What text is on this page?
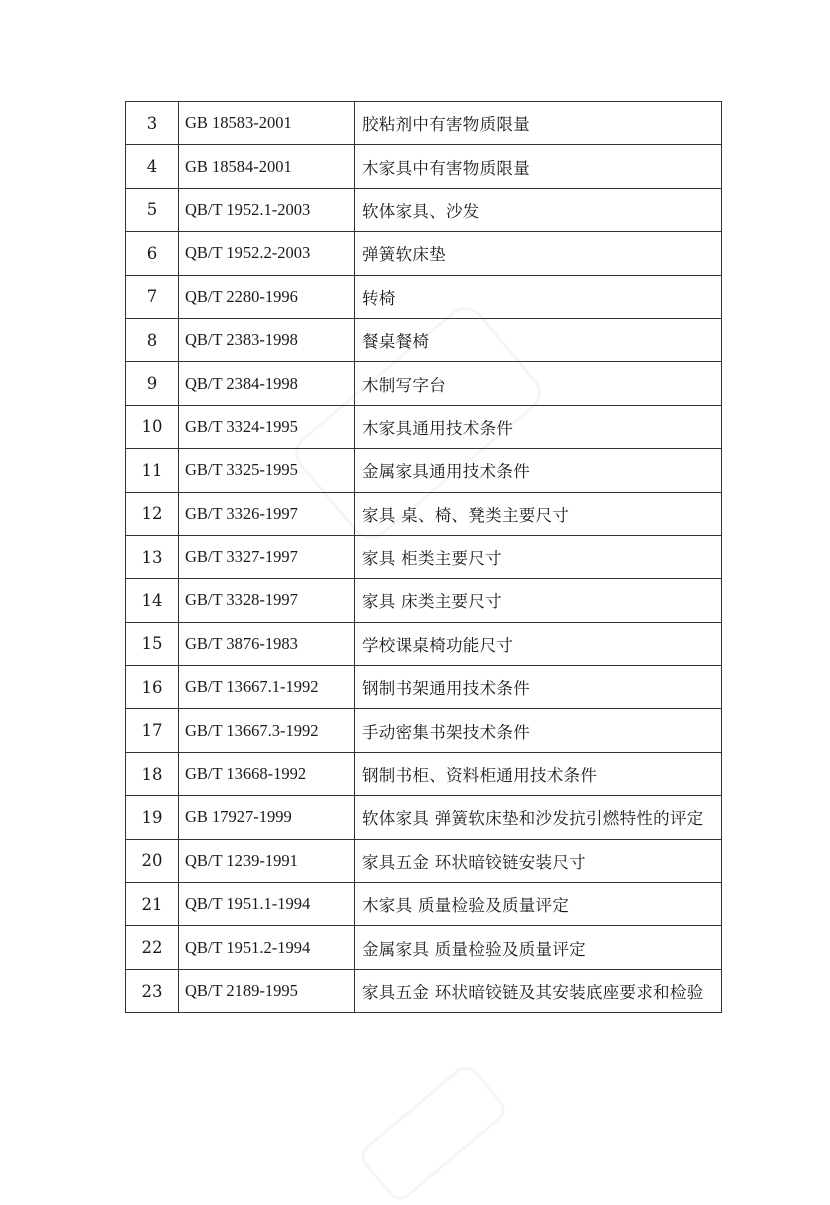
3	GB 18583-2001	胶粘剂中有害物质限量
4	GB 18584-2001	木家具中有害物质限量
5	QB/T 1952.1-2003	软体家具、沙发
6	QB/T 1952.2-2003	弹簧软床垫
7	QB/T 2280-1996	转椅
8	QB/T 2383-1998	餐桌餐椅
9	QB/T 2384-1998	木制写字台
10	GB/T 3324-1995	木家具通用技术条件
11	GB/T 3325-1995	金属家具通用技术条件
12	GB/T 3326-1997	家具 桌、椅、凳类主要尺寸
13	GB/T 3327-1997	家具 柜类主要尺寸
14	GB/T 3328-1997	家具 床类主要尺寸
15	GB/T 3876-1983	学校课桌椅功能尺寸
16	GB/T 13667.1-1992	钢制书架通用技术条件
17	GB/T 13667.3-1992	手动密集书架技术条件
18	GB/T 13668-1992	钢制书柜、资料柜通用技术条件
19	GB 17927-1999	软体家具 弹簧软床垫和沙发抗引燃特性的评定
20	QB/T 1239-1991	家具五金 环状暗铰链安装尺寸
21	QB/T 1951.1-1994	木家具 质量检验及质量评定
22	QB/T 1951.2-1994	金属家具 质量检验及质量评定
23	QB/T 2189-1995	家具五金 环状暗铰链及其安装底座要求和检验
